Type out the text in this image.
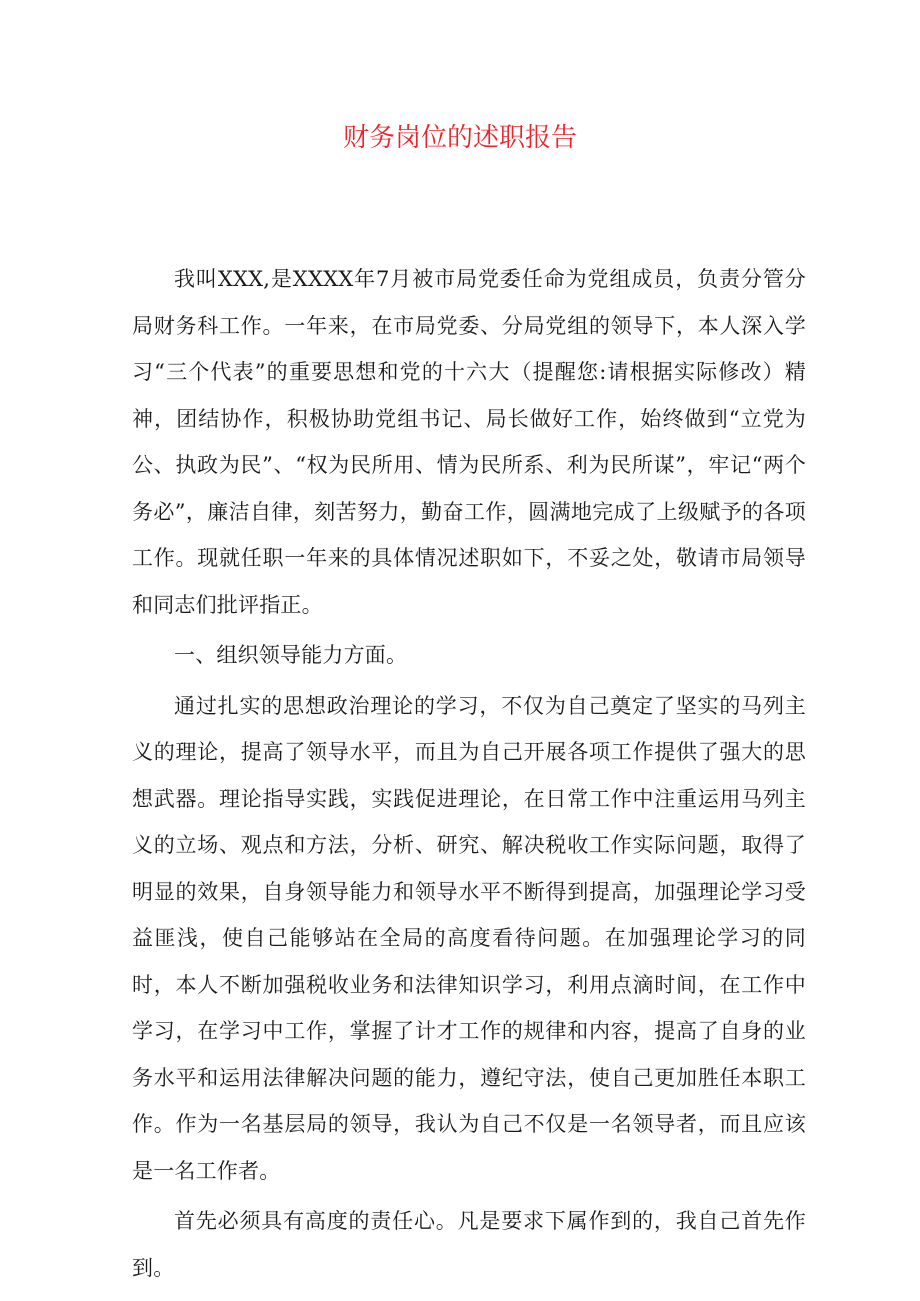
财务岗位的述职报告

我叫XXX,是XXXX年7月被市局党委任命为党组成员，负责分管分局财务科工作。一年来，在市局党委、分局党组的领导下，本人深入学习“三个代表”的重要思想和党的十六大（提醒您:请根据实际修改）精神，团结协作，积极协助党组书记、局长做好工作，始终做到“立党为公、执政为民”、“权为民所用、情为民所系、利为民所谋”，牢记“两个务必”，廉洁自律，刻苦努力，勤奋工作，圆满地完成了上级赋予的各项工作。现就任职一年来的具体情况述职如下，不妥之处，敬请市局领导和同志们批评指正。

一、组织领导能力方面。

通过扎实的思想政治理论的学习，不仅为自己奠定了坚实的马列主义的理论，提高了领导水平，而且为自己开展各项工作提供了强大的思想武器。理论指导实践，实践促进理论，在日常工作中注重运用马列主义的立场、观点和方法，分析、研究、解决税收工作实际问题，取得了明显的效果，自身领导能力和领导水平不断得到提高，加强理论学习受益匪浅，使自己能够站在全局的高度看待问题。在加强理论学习的同时，本人不断加强税收业务和法律知识学习，利用点滴时间，在工作中学习，在学习中工作，掌握了计才工作的规律和内容，提高了自身的业务水平和运用法律解决问题的能力，遵纪守法，使自己更加胜任本职工作。作为一名基层局的领导，我认为自己不仅是一名领导者，而且应该是一名工作者。

首先必须具有高度的责任心。凡是要求下属作到的，我自己首先作到。
